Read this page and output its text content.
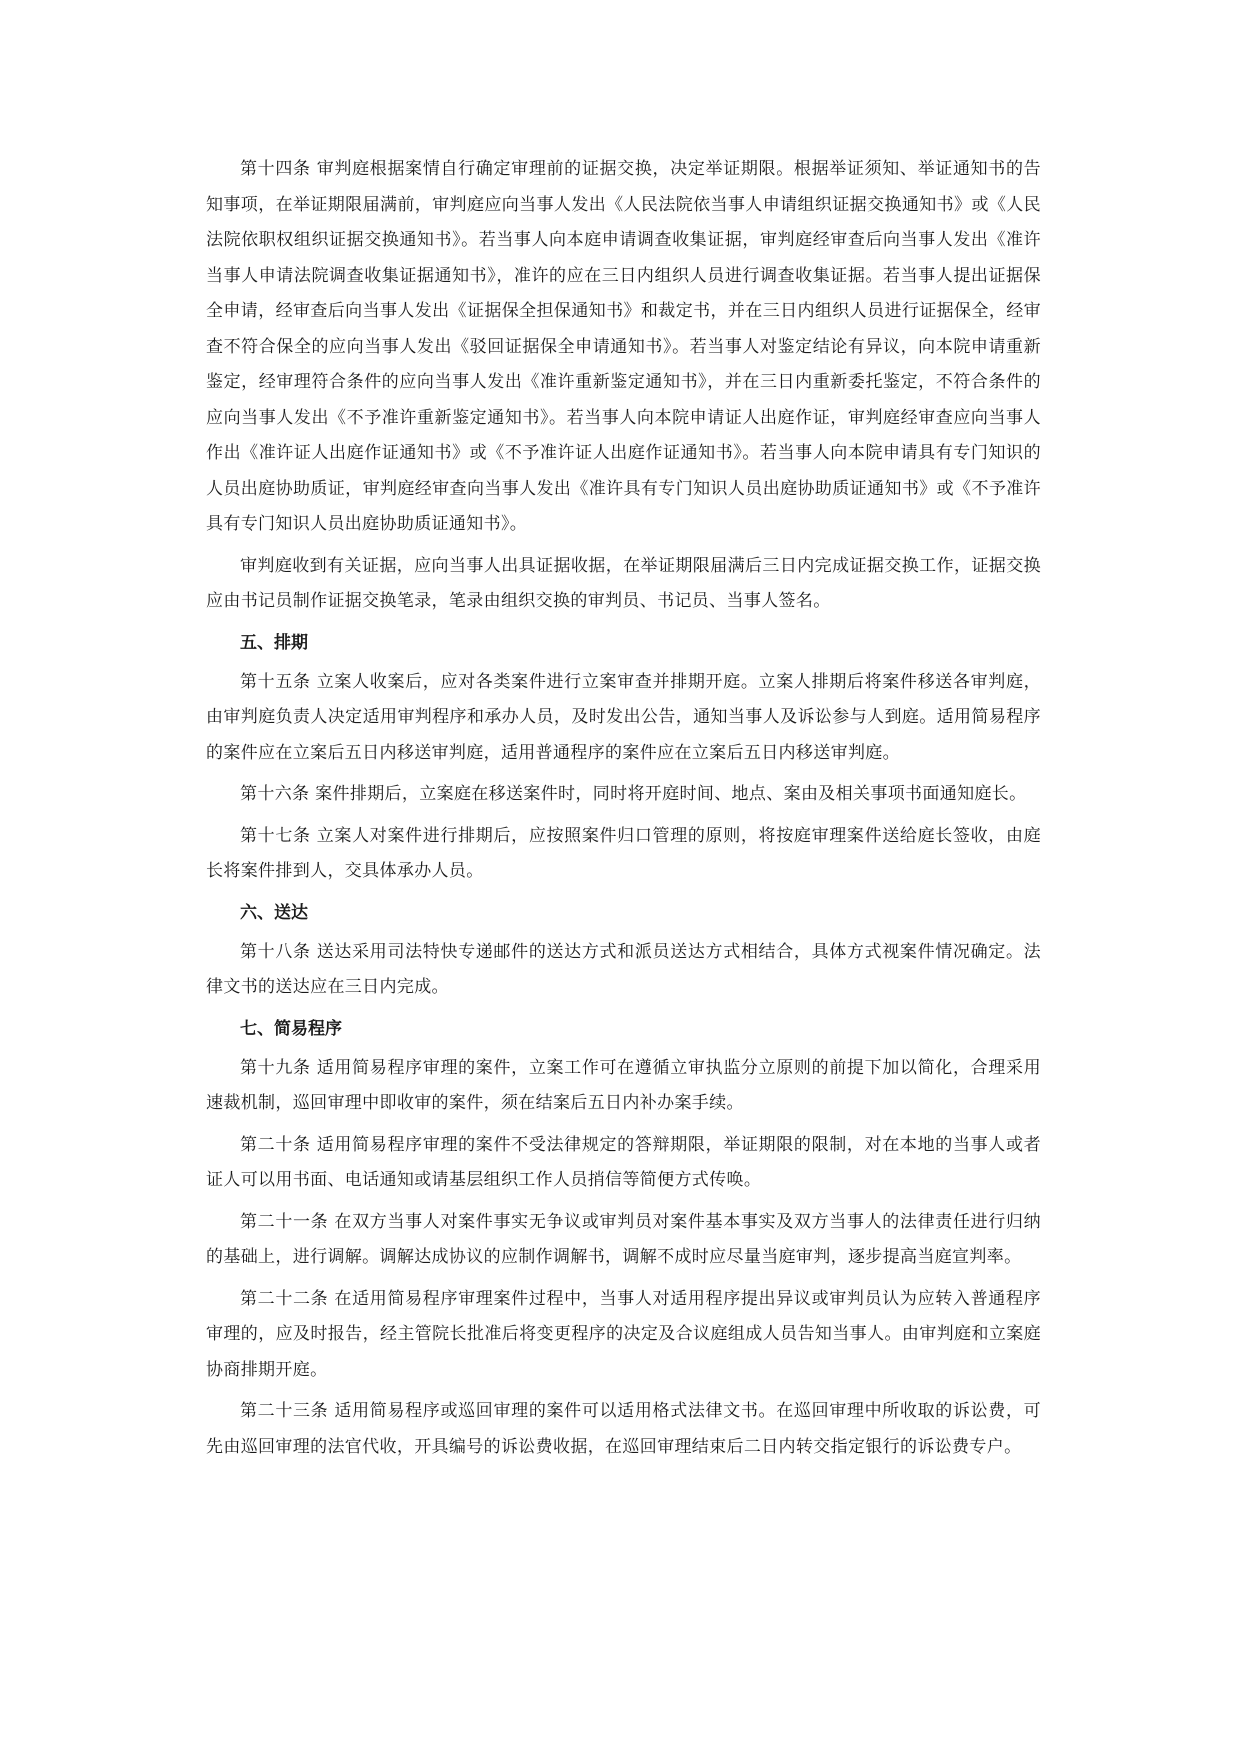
第十四条 审判庭根据案情自行确定审理前的证据交换，决定举证期限。根据举证须知、举证通知书的告知事项，在举证期限届满前，审判庭应向当事人发出《人民法院依当事人申请组织证据交换通知书》或《人民法院依职权组织证据交换通知书》。若当事人向本庭申请调查收集证据，审判庭经审查后向当事人发出《准许当事人申请法院调查收集证据通知书》，准许的应在三日内组织人员进行调查收集证据。若当事人提出证据保全申请，经审查后向当事人发出《证据保全担保通知书》和裁定书，并在三日内组织人员进行证据保全，经审查不符合保全的应向当事人发出《驳回证据保全申请通知书》。若当事人对鉴定结论有异议，向本院申请重新鉴定，经审理符合条件的应向当事人发出《准许重新鉴定通知书》，并在三日内重新委托鉴定，不符合条件的应向当事人发出《不予准许重新鉴定通知书》。若当事人向本院申请证人出庭作证，审判庭经审查应向当事人作出《准许证人出庭作证通知书》或《不予准许证人出庭作证通知书》。若当事人向本院申请具有专门知识的人员出庭协助质证，审判庭经审查向当事人发出《准许具有专门知识人员出庭协助质证通知书》或《不予准许具有专门知识人员出庭协助质证通知书》。

审判庭收到有关证据，应向当事人出具证据收据，在举证期限届满后三日内完成证据交换工作，证据交换应由书记员制作证据交换笔录，笔录由组织交换的审判员、书记员、当事人签名。

五、排期

第十五条 立案人收案后，应对各类案件进行立案审查并排期开庭。立案人排期后将案件移送各审判庭，由审判庭负责人决定适用审判程序和承办人员，及时发出公告，通知当事人及诉讼参与人到庭。适用简易程序的案件应在立案后五日内移送审判庭，适用普通程序的案件应在立案后五日内移送审判庭。

第十六条 案件排期后，立案庭在移送案件时，同时将开庭时间、地点、案由及相关事项书面通知庭长。

第十七条 立案人对案件进行排期后，应按照案件归口管理的原则，将按庭审理案件送给庭长签收，由庭长将案件排到人，交具体承办人员。

六、送达

第十八条 送达采用司法特快专递邮件的送达方式和派员送达方式相结合，具体方式视案件情况确定。法律文书的送达应在三日内完成。

七、简易程序

第十九条 适用简易程序审理的案件，立案工作可在遵循立审执监分立原则的前提下加以简化，合理采用速裁机制，巡回审理中即收审的案件，须在结案后五日内补办案手续。

第二十条 适用简易程序审理的案件不受法律规定的答辩期限，举证期限的限制，对在本地的当事人或者证人可以用书面、电话通知或请基层组织工作人员捎信等简便方式传唤。

第二十一条 在双方当事人对案件事实无争议或审判员对案件基本事实及双方当事人的法律责任进行归纳的基础上，进行调解。调解达成协议的应制作调解书，调解不成时应尽量当庭审判，逐步提高当庭宣判率。

第二十二条 在适用简易程序审理案件过程中，当事人对适用程序提出异议或审判员认为应转入普通程序审理的，应及时报告，经主管院长批准后将变更程序的决定及合议庭组成人员告知当事人。由审判庭和立案庭协商排期开庭。

第二十三条 适用简易程序或巡回审理的案件可以适用格式法律文书。在巡回审理中所收取的诉讼费，可先由巡回审理的法官代收，开具编号的诉讼费收据，在巡回审理结束后二日内转交指定银行的诉讼费专户。
